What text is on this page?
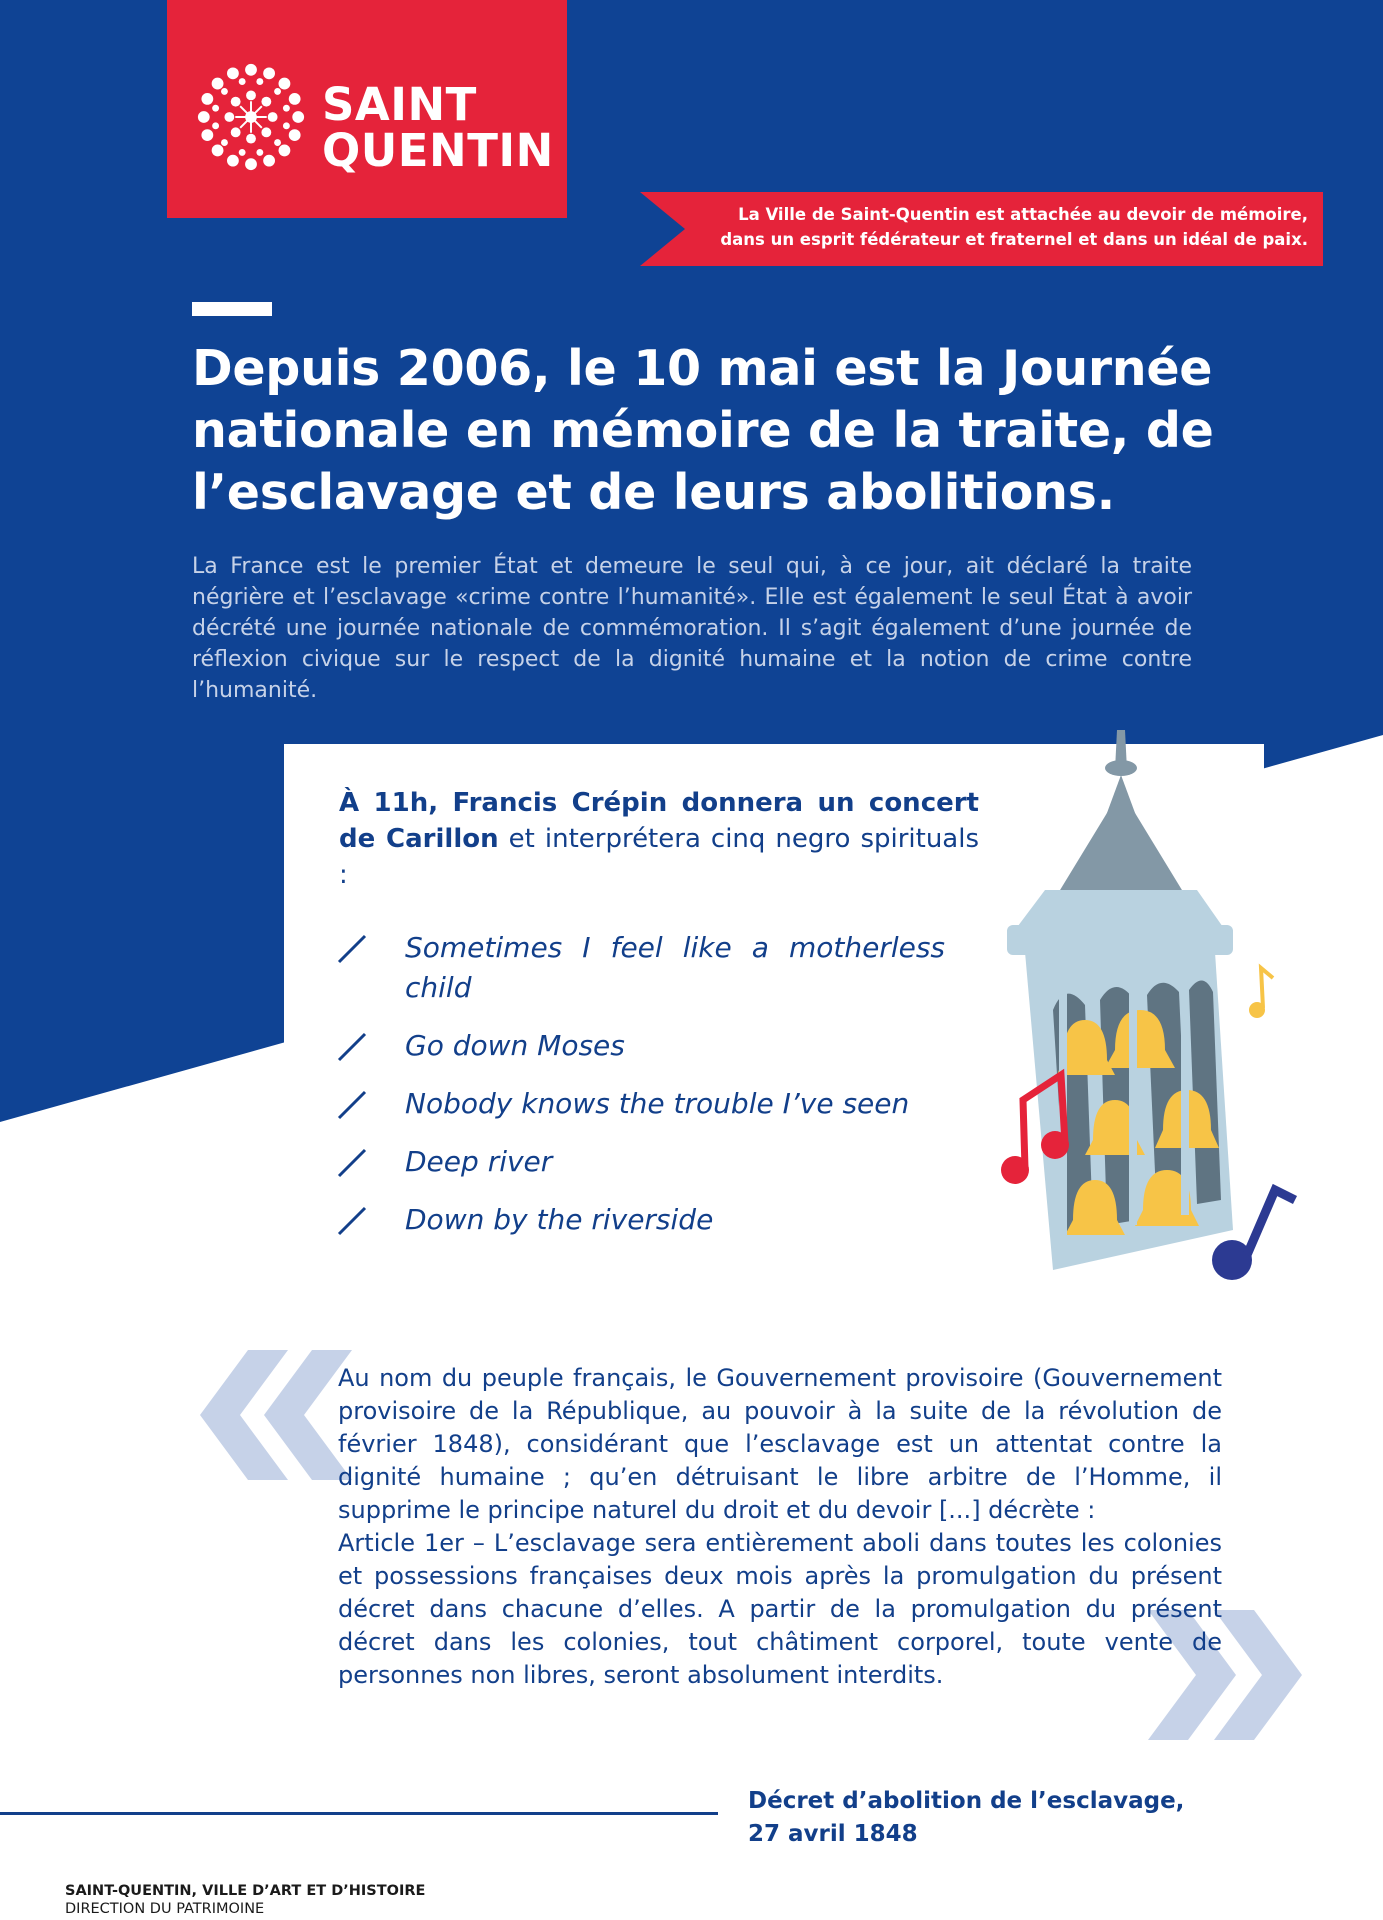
SAINT
QUENTIN
La Ville de Saint-Quentin est attachée au devoir de mémoire,
dans un esprit fédérateur et fraternel et dans un idéal de paix.
Depuis 2006, le 10 mai est la Journée
nationale en mémoire de la traite, de
l’esclavage et de leurs abolitions.
La France est le premier État et demeure le seul qui, à ce jour, ait déclaré la traite négrière et l’esclavage «crime contre l’humanité». Elle est également le seul État à avoir décrété une journée nationale de commémoration. Il s’agit également d’une journée de réflexion civique sur le respect de la dignité humaine et la notion de crime contre l’humanité.
À 11h, Francis Crépin donnera un concert de Carillon et interprétera cinq negro spirituals :
Sometimes I feel like a motherless child
Go down Moses
Nobody knows the trouble I’ve seen
Deep river
Down by the riverside

Au nom du peuple français, le Gouvernement provisoire (Gouvernement provisoire de la République, au pouvoir à la suite de la révolution de février 1848), considérant que l’esclavage est un attentat contre la dignité humaine ; qu’en détruisant le libre arbitre de l’Homme, il supprime le principe naturel du droit et du devoir [...] décrète :

Article 1er – L’esclavage sera entièrement aboli dans toutes les colonies et possessions françaises deux mois après la promulgation du présent décret dans chacune d’elles. A partir de la promulgation du présent décret dans les colonies, tout châtiment corporel, toute vente de personnes non libres, seront absolument interdits.

Décret d’abolition de l’esclavage,
27 avril 1848
SAINT-QUENTIN, VILLE D’ART ET D’HISTOIRE
DIRECTION DU PATRIMOINE
